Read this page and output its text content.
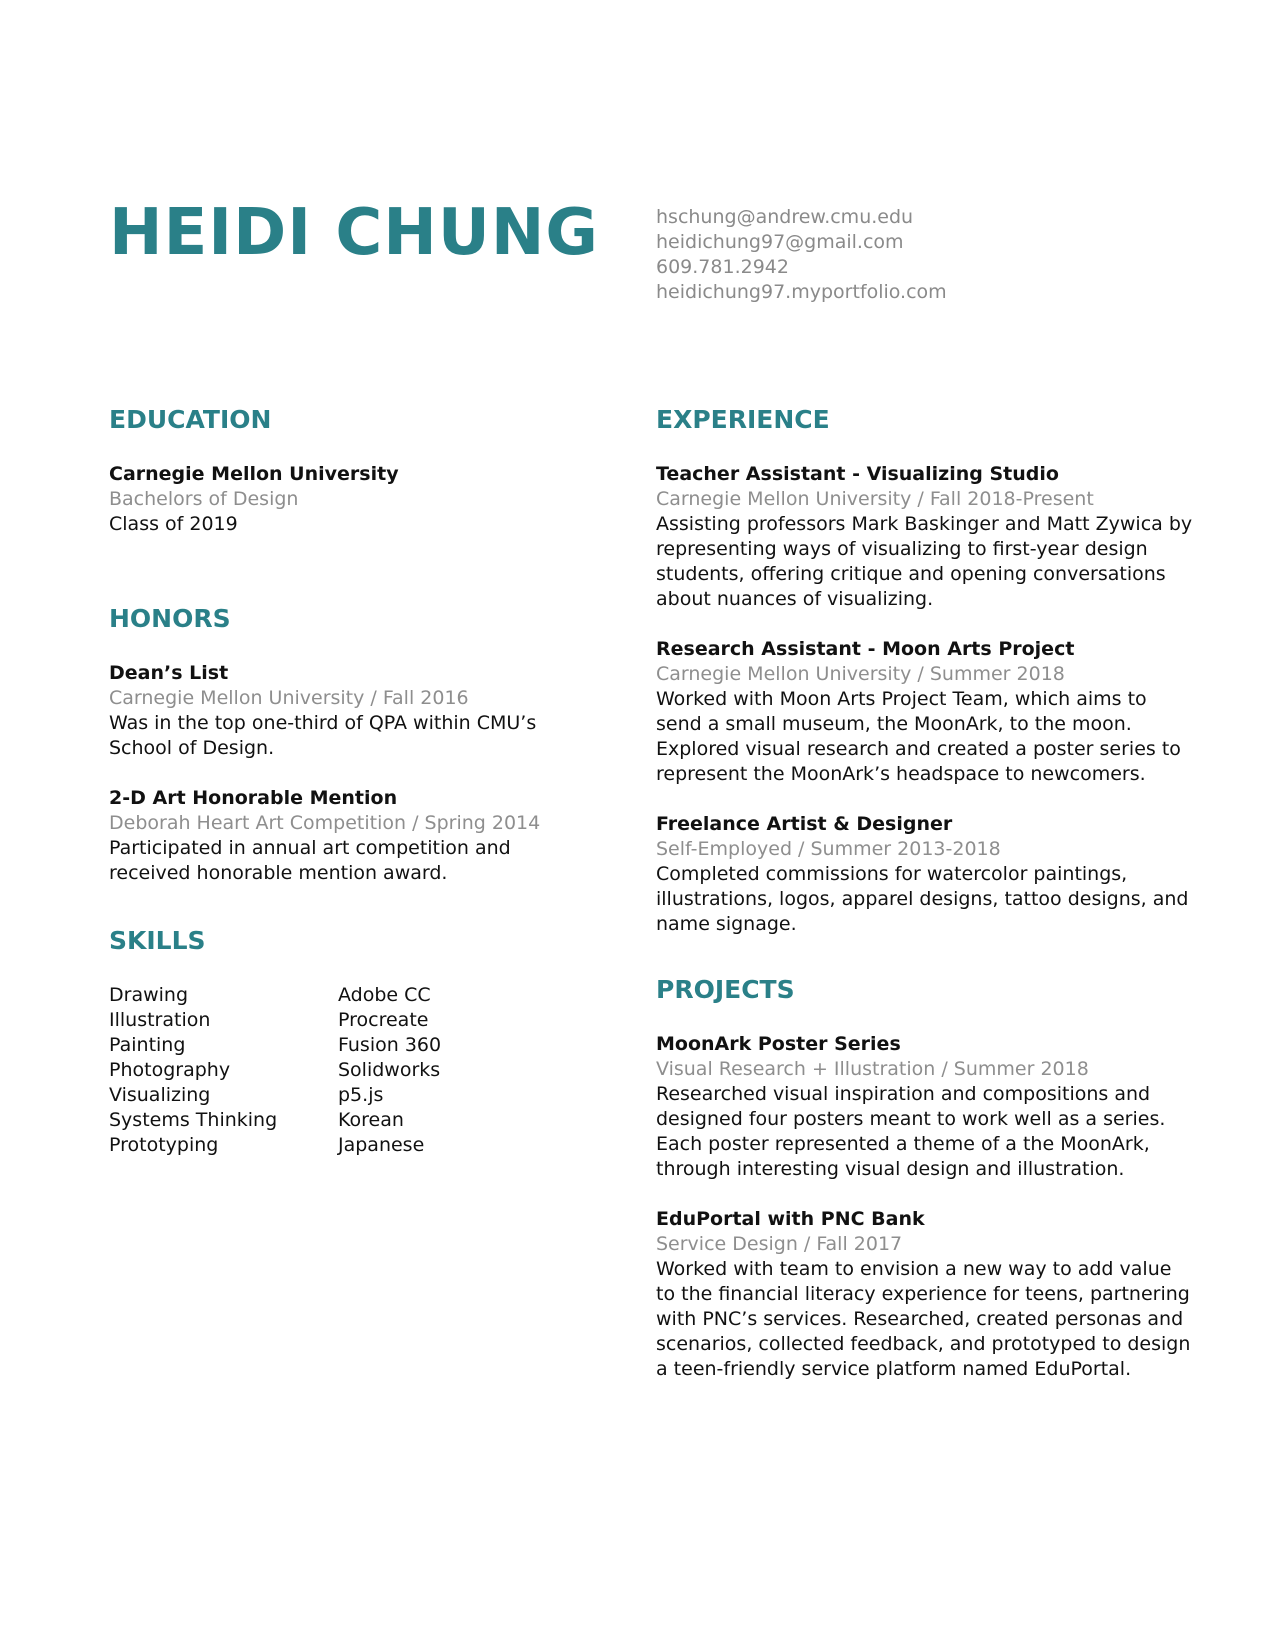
HEIDI CHUNG	hschung@andrew.cmu.edu
heidichung97@gmail.com
609.781.2942
heidichung97.myportfolio.com
EDUCATION
Carnegie Mellon University
Bachelors of Design
Class of 2019
HONORS
Dean’s List
Carnegie Mellon University / Fall 2016
Was in the top one-third of QPA within CMU’s School of Design.
2-D Art Honorable Mention
Deborah Heart Art Competition / Spring 2014
Participated in annual art competition and received honorable mention award.
SKILLS
Drawing
Illustration
Painting
Photography
Visualizing
Systems Thinking
Prototyping
Adobe CC
Procreate
Fusion 360
Solidworks
p5.js
Korean
Japanese
EXPERIENCE
Teacher Assistant - Visualizing Studio
Carnegie Mellon University / Fall 2018-Present
Assisting professors Mark Baskinger and Matt Zywica by representing ways of visualizing to first-year design students, offering critique and opening conversations about nuances of visualizing.
Research Assistant - Moon Arts Project
Carnegie Mellon University / Summer 2018
Worked with Moon Arts Project Team, which aims to send a small museum, the MoonArk, to the moon. Explored visual research and created a poster series to represent the MoonArk’s headspace to newcomers.
Freelance Artist & Designer
Self-Employed / Summer 2013-2018
Completed commissions for watercolor paintings, illustrations, logos, apparel designs, tattoo designs, and name signage.
PROJECTS
MoonArk Poster Series
Visual Research + Illustration / Summer 2018
Researched visual inspiration and compositions and designed four posters meant to work well as a series. Each poster represented a theme of a the MoonArk, through interesting visual design and illustration.
EduPortal with PNC Bank
Service Design / Fall 2017
Worked with team to envision a new way to add value to the financial literacy experience for teens, partnering with PNC’s services. Researched, created personas and scenarios, collected feedback, and prototyped to design a teen-friendly service platform named EduPortal.
